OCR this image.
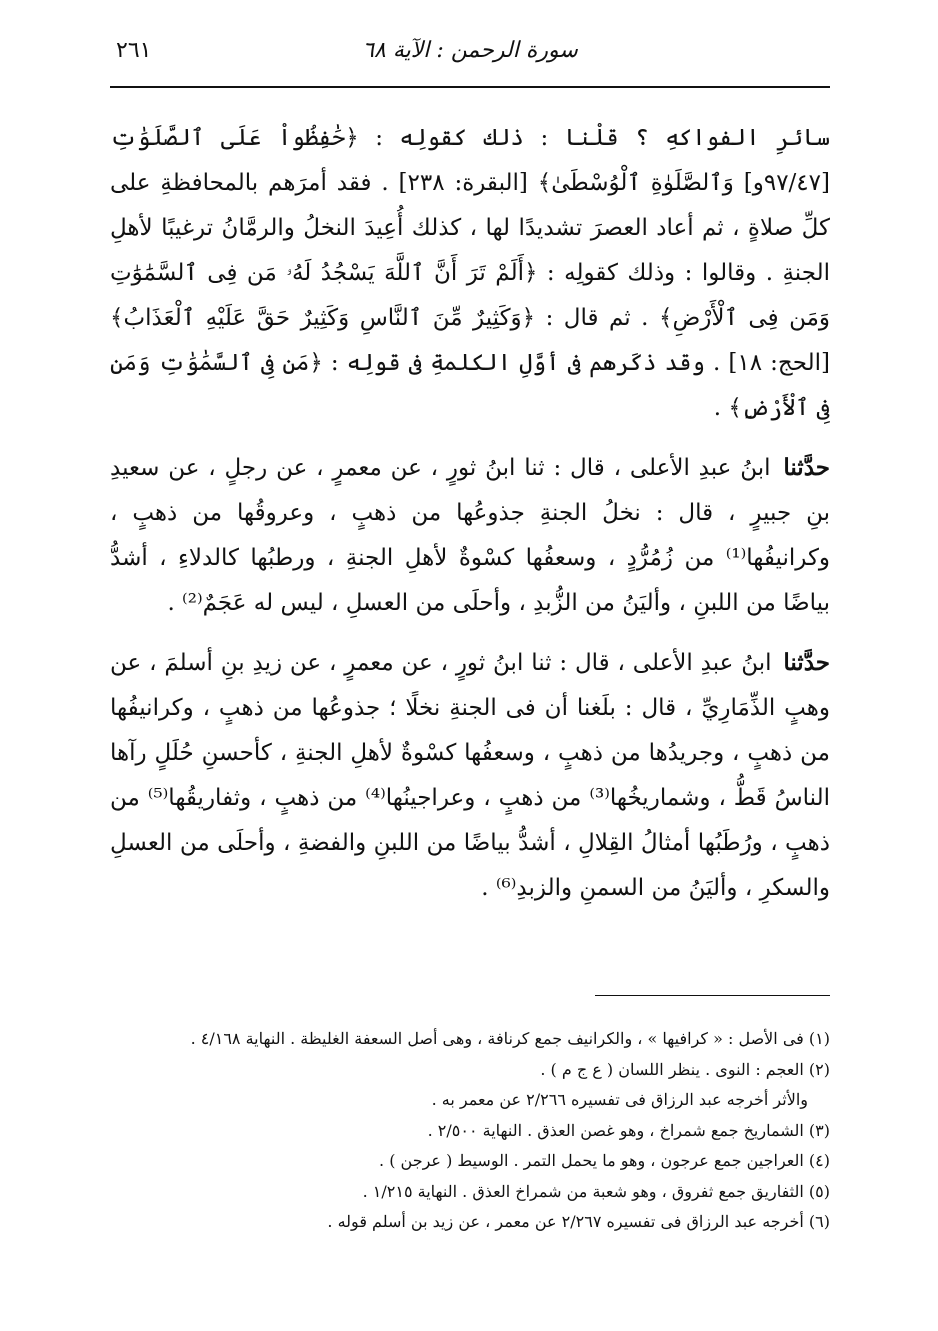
سورة الرحمن : الآية ٦٨
٢٦١

سائرِ الفواكهِ ؟ قلْنا : ذلك كقولِه : ﴿حَٰفِظُواْ عَلَى ٱلصَّلَوَٰتِ [٩٧/٤٧و] وَٱلصَّلَوٰةِ ٱلْوُسْطَىٰ﴾ [البقرة: ٢٣٨] . فقد أمرَهم بالمحافظةِ على كلِّ صلاةٍ ، ثم أعاد العصرَ تشديدًا لها ، كذلك أُعِيدَ النخلُ والرمَّانُ ترغيبًا لأهلِ الجنةِ . وقالوا : وذلك كقولِه : ﴿أَلَمْ تَرَ أَنَّ ٱللَّهَ يَسْجُدُ لَهُۥ مَن فِى ٱلسَّمَٰوَٰتِ وَمَن فِى ٱلْأَرْضِ﴾ . ثم قال : ﴿وَكَثِيرٌ مِّنَ ٱلنَّاسِ وَكَثِيرٌ حَقَّ عَلَيْهِ ٱلْعَذَابُ﴾ [الحج: ١٨] . وقد ذكَرهم فى أوَّلِ الكلمةِ فى قولِه : ﴿مَن فِى ٱلسَّمَٰوَٰتِ وَمَن فِى ٱلْأَرْضِ﴾ .

حدَّثنا ابنُ عبدِ الأعلى ، قال : ثنا ابنُ ثورٍ ، عن معمرٍ ، عن رجلٍ ، عن سعيدِ بنِ جبيرٍ ، قال : نخلُ الجنةِ جذوعُها من ذهبٍ ، وعروقُها من ذهبٍ ، وكرانيفُها⁽¹⁾ من زُمُرُّدٍ ، وسعفُها كسْوةٌ لأهلِ الجنةِ ، ورطبُها كالدلاءِ ، أشدُّ بياضًا من اللبنِ ، وأليَنُ من الزُّبدِ ، وأحلَى من العسلِ ، ليس له عَجَمٌ⁽²⁾ .

حدَّثنا ابنُ عبدِ الأعلى ، قال : ثنا ابنُ ثورٍ ، عن معمرٍ ، عن زيدِ بنِ أسلمَ ، عن وهبٍ الذِّمَارِيِّ ، قال : بلَغنا أن فى الجنةِ نخلًا ؛ جذوعُها من ذهبٍ ، وكرانيفُها من ذهبٍ ، وجريدُها من ذهبٍ ، وسعفُها كسْوةٌ لأهلِ الجنةِ ، كأحسنِ حُلَلٍ رآها الناسُ قَطُّ ، وشماريخُها⁽³⁾ من ذهبٍ ، وعراجينُها⁽⁴⁾ من ذهبٍ ، وثفاريقُها⁽⁵⁾ من ذهبٍ ، ورُطَبُها أمثالُ القِلالِ ، أشدُّ بياضًا من اللبنِ والفضةِ ، وأحلَى من العسلِ والسكرِ ، وأليَنُ من السمنِ والزبدِ⁽⁶⁾ .

(١) فى الأصل : « كرافيها » ، والكرانيف جمع كرنافة ، وهى أصل السعفة الغليظة . النهاية ٤/١٦٨ .

(٢) العجم : النوى . ينظر اللسان ( ع ج م ) .

والأثر أخرجه عبد الرزاق فى تفسيره ٢/٢٦٦ عن معمر به .

(٣) الشماريخ جمع شمراخ ، وهو غصن العذق . النهاية ٢/٥٠٠ .

(٤) العراجين جمع عرجون ، وهو ما يحمل التمر . الوسيط ( عرجن ) .

(٥) الثفاريق جمع ثفروق ، وهو شعبة من شمراخ العذق . النهاية ١/٢١٥ .

(٦) أخرجه عبد الرزاق فى تفسيره ٢/٢٦٧ عن معمر ، عن زيد بن أسلم قوله .
